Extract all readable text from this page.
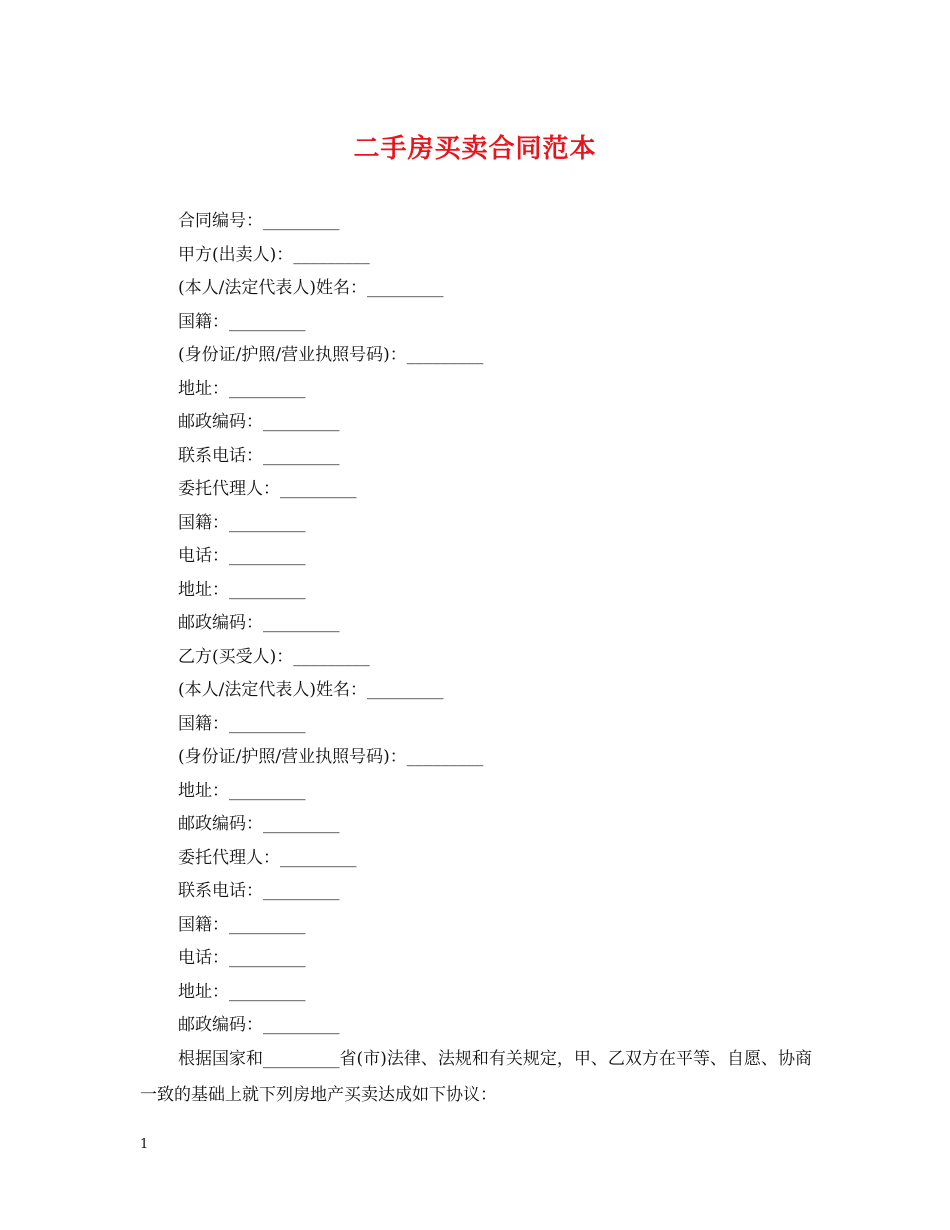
二手房买卖合同范本
合同编号：_________
甲方(出卖人)：_________
(本人/法定代表人)姓名：_________
国籍：_________
(身份证/护照/营业执照号码)：_________
地址：_________
邮政编码：_________
联系电话：_________
委托代理人：_________
国籍：_________
电话：_________
地址：_________
邮政编码：_________
乙方(买受人)：_________
(本人/法定代表人)姓名：_________
国籍：_________
(身份证/护照/营业执照号码)：_________
地址：_________
邮政编码：_________
委托代理人：_________
联系电话：_________
国籍：_________
电话：_________
地址：_________
邮政编码：_________
根据国家和_________省(市)法律、法规和有关规定，甲、乙双方在平等、自愿、协商一致的基础上就下列房地产买卖达成如下协议：
1
